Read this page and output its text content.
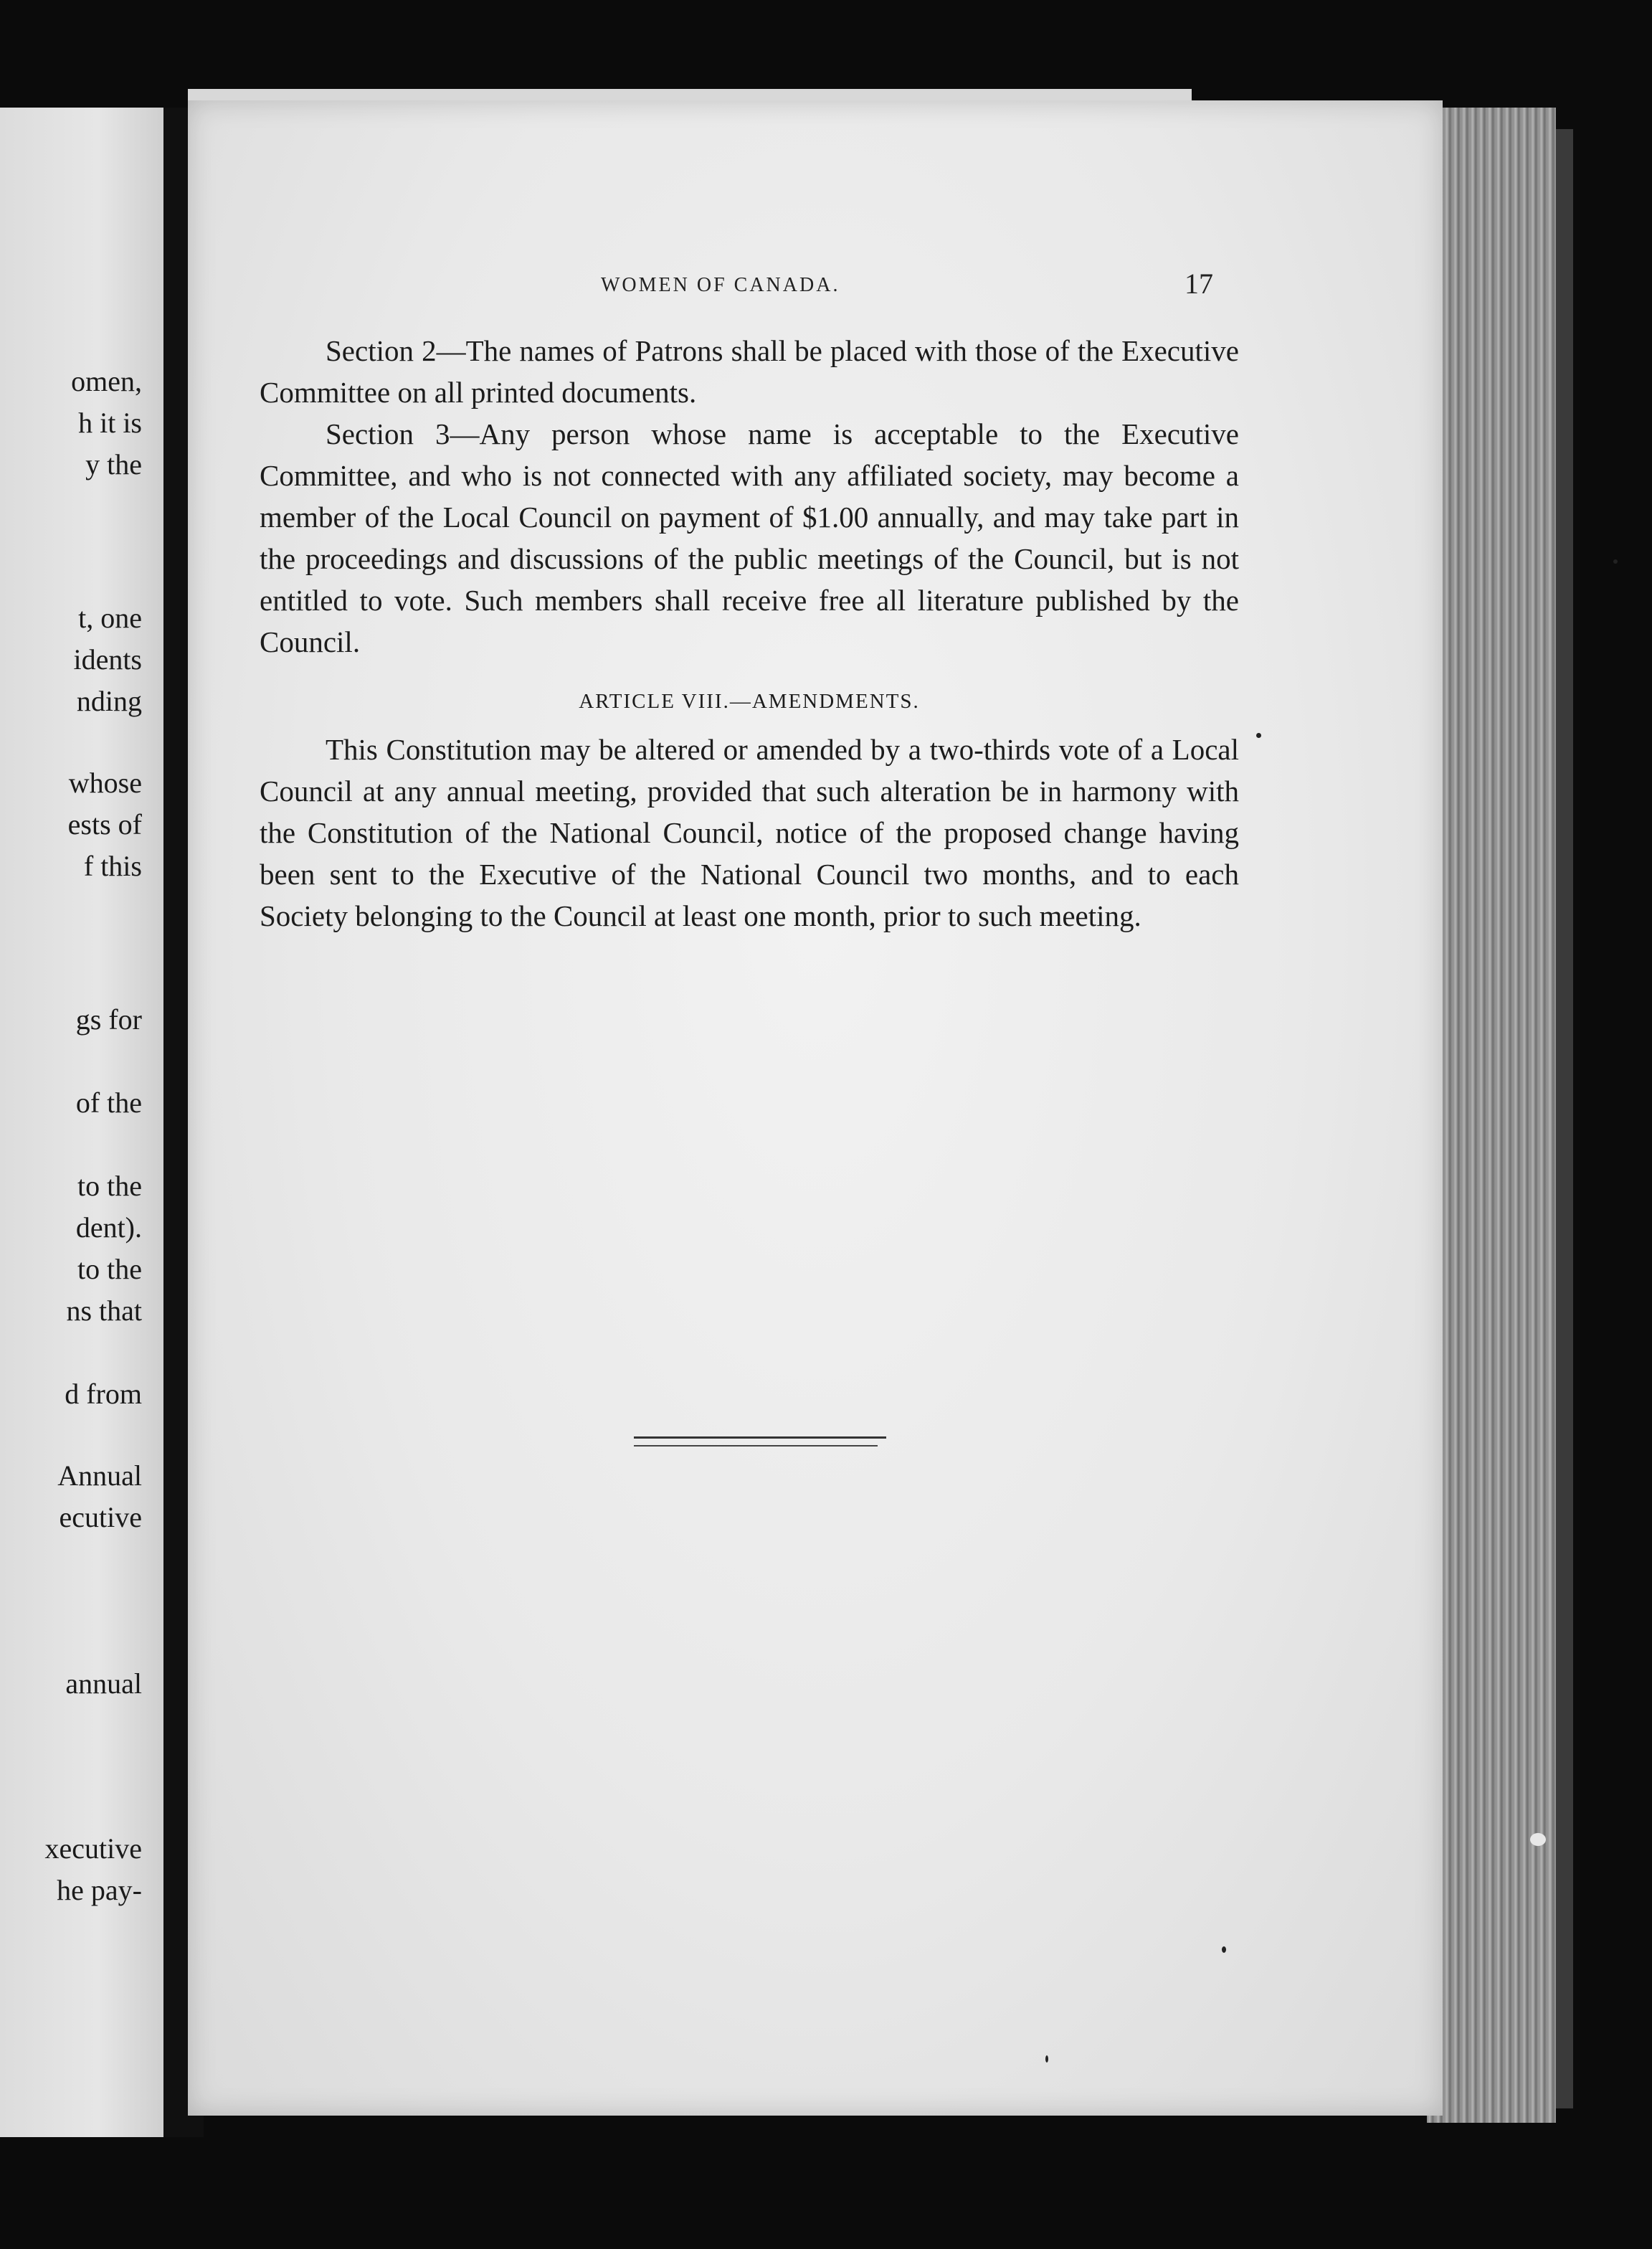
omen,
h it is
y the
t, one
idents
nding
whose
ests of
f this
gs for
of the
to the
dent).
to the
ns that
d from
Annual
ecutive
annual
xecutive
he pay-
WOMEN OF CANADA.	17

Section 2—The names of Patrons shall be placed with those of the Executive Committee on all printed documents.

Section 3—Any person whose name is acceptable to the Executive Committee, and who is not connected with any affiliated society, may become a member of the Local Council on payment of $1.00 annually, and may take part in the proceedings and discussions of the public meetings of the Council, but is not entitled to vote. Such members shall receive free all literature published by the Council.

ARTICLE VIII.—AMENDMENTS.

This Constitution may be altered or amended by a two-thirds vote of a Local Council at any annual meeting, provided that such alteration be in harmony with the Constitution of the National Council, notice of the proposed change having been sent to the Executive of the National Council two months, and to each Society belonging to the Council at least one month, prior to such meeting.
